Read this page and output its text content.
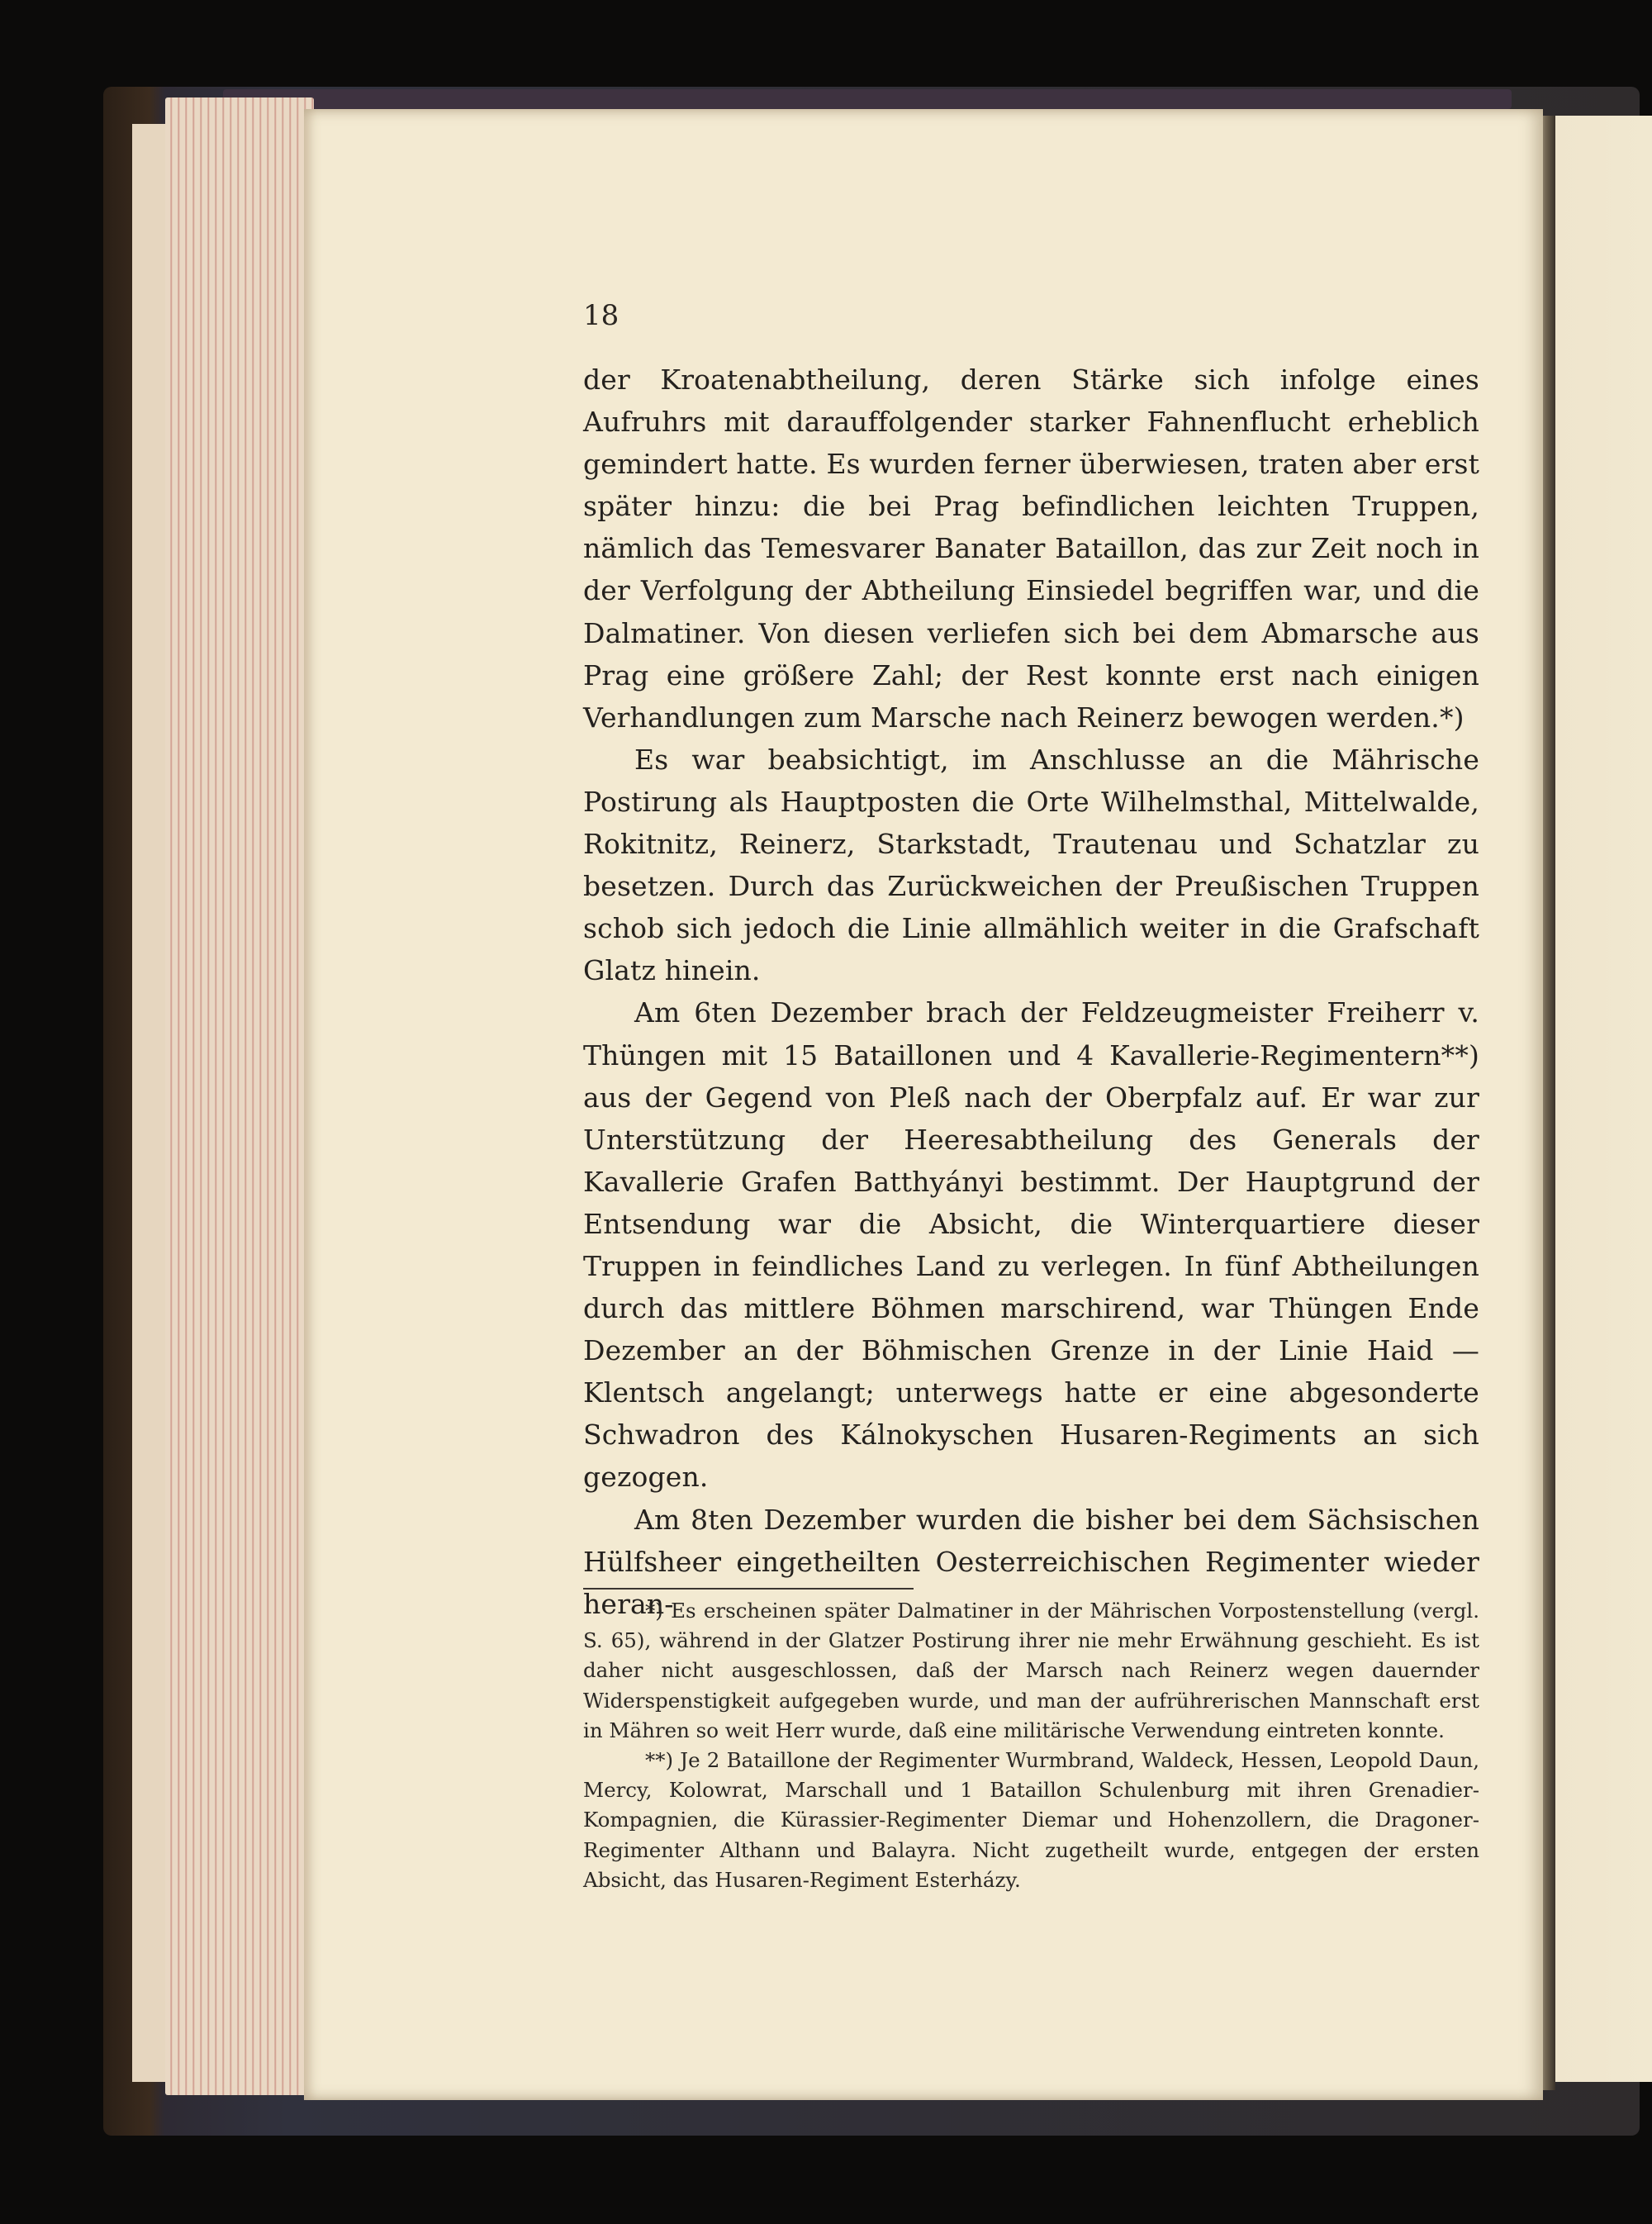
18

der Kroatenabtheilung, deren Stärke sich infolge eines Aufruhrs mit darauffolgender starker Fahnenflucht erheblich gemindert hatte. Es wurden ferner überwiesen, traten aber erst später hinzu: die bei Prag befindlichen leichten Truppen, nämlich das Temesvarer Banater Bataillon, das zur Zeit noch in der Verfolgung der Abtheilung Einsiedel begriffen war, und die Dalmatiner. Von diesen verliefen sich bei dem Abmarsche aus Prag eine größere Zahl; der Rest konnte erst nach einigen Verhandlungen zum Marsche nach Reinerz bewogen werden.*)

Es war beabsichtigt, im Anschlusse an die Mährische Postirung als Hauptposten die Orte Wilhelmsthal, Mittelwalde, Rokitnitz, Reinerz, Starkstadt, Trautenau und Schatzlar zu besetzen. Durch das Zurückweichen der Preußischen Truppen schob sich jedoch die Linie allmählich weiter in die Grafschaft Glatz hinein.

Am 6ten Dezember brach der Feldzeugmeister Freiherr v. Thüngen mit 15 Bataillonen und 4 Kavallerie-Regimentern**) aus der Gegend von Pleß nach der Oberpfalz auf. Er war zur Unterstützung der Heeresabtheilung des Generals der Kavallerie Grafen Batthyányi bestimmt. Der Hauptgrund der Entsendung war die Absicht, die Winterquartiere dieser Truppen in feindliches Land zu verlegen. In fünf Abtheilungen durch das mittlere Böhmen marschirend, war Thüngen Ende Dezember an der Böhmischen Grenze in der Linie Haid — Klentsch angelangt; unterwegs hatte er eine abgesonderte Schwadron des Kálnokyschen Husaren-Regiments an sich gezogen.

Am 8ten Dezember wurden die bisher bei dem Sächsischen Hülfsheer eingetheilten Oesterreichischen Regimenter wieder heran-

*) Es erscheinen später Dalmatiner in der Mährischen Vorpostenstellung (vergl. S. 65), während in der Glatzer Postirung ihrer nie mehr Erwähnung geschieht. Es ist daher nicht ausgeschlossen, daß der Marsch nach Reinerz wegen dauernder Widerspenstigkeit aufgegeben wurde, und man der aufrührerischen Mannschaft erst in Mähren so weit Herr wurde, daß eine militärische Verwendung eintreten konnte.

**) Je 2 Bataillone der Regimenter Wurmbrand, Waldeck, Hessen, Leopold Daun, Mercy, Kolowrat, Marschall und 1 Bataillon Schulenburg mit ihren Grenadier-Kompagnien, die Kürassier-Regimenter Diemar und Hohenzollern, die Dragoner-Regimenter Althann und Balayra. Nicht zugetheilt wurde, entgegen der ersten Absicht, das Husaren-Regiment Esterházy.
